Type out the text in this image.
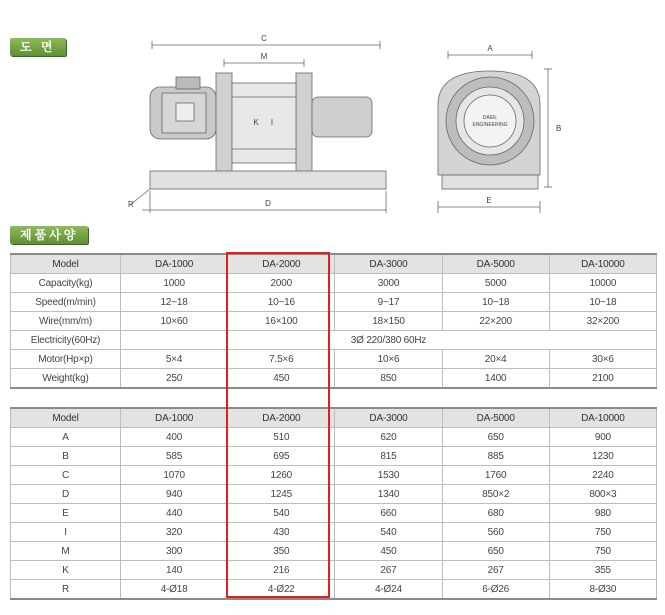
도 면
C
M
K I
D
R
A
B
E
DAEIL
ENGINEERING
제품사양
Model	DA-1000	DA-2000	DA-3000	DA-5000	DA-10000
Capacity(kg)	1000	2000	3000	5000	10000
Speed(m/min)	12~18	10~16	9~17	10~18	10~18
Wire(mm/m)	10×60	16×100	18×150	22×200	32×200
Electricity(60Hz)	3Ø 220/380 60Hz				
Motor(Hp×p)	5×4	7.5×6	10×6	20×4	30×6
Weight(kg)	250	450	850	1400	2100
Model	DA-1000	DA-2000	DA-3000	DA-5000	DA-10000
A	400	510	620	650	900
B	585	695	815	885	1230
C	1070	1260	1530	1760	2240
D	940	1245	1340	850×2	800×3
E	440	540	660	680	980
I	320	430	540	560	750
M	300	350	450	650	750
K	140	216	267	267	355
R	4-Ø18	4-Ø22	4-Ø24	6-Ø26	8-Ø30
